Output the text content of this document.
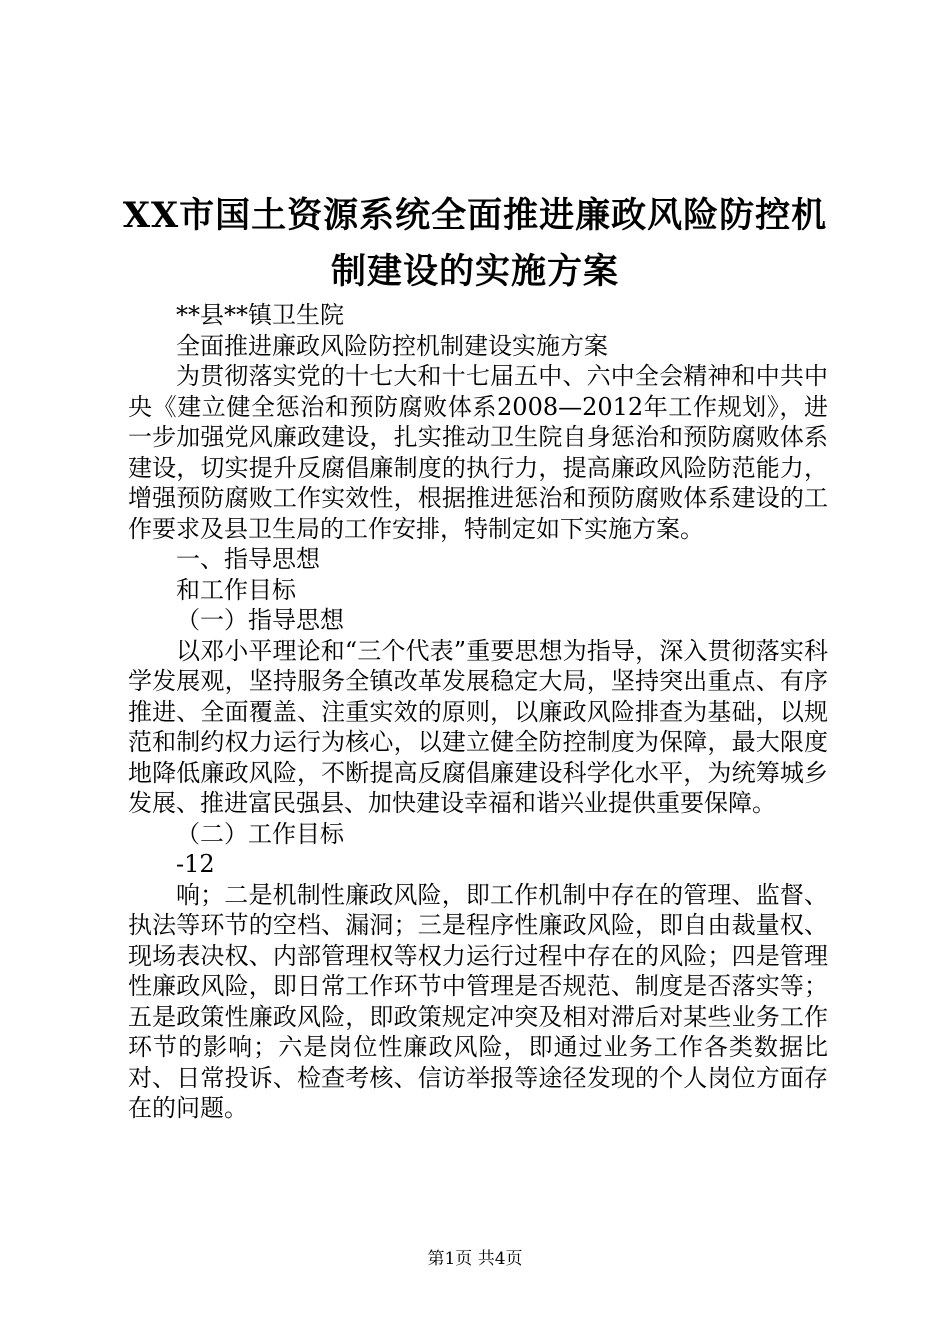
XX市国土资源系统全面推进廉政风险防控机
制建设的实施方案

**县**镇卫生院

全面推进廉政风险防控机制建设实施方案

为贯彻落实党的十七大和十七届五中、六中全会精神和中共中央《建立健全惩治和预防腐败体系2008—2012年工作规划》，进一步加强党风廉政建设，扎实推动卫生院自身惩治和预防腐败体系建设，切实提升反腐倡廉制度的执行力，提高廉政风险防范能力，增强预防腐败工作实效性，根据推进惩治和预防腐败体系建设的工作要求及县卫生局的工作安排，特制定如下实施方案。

一、指导思想

和工作目标

（一）指导思想

以邓小平理论和“三个代表”重要思想为指导，深入贯彻落实科学发展观，坚持服务全镇改革发展稳定大局，坚持突出重点、有序推进、全面覆盖、注重实效的原则，以廉政风险排查为基础，以规范和制约权力运行为核心，以建立健全防控制度为保障，最大限度地降低廉政风险，不断提高反腐倡廉建设科学化水平，为统筹城乡发展、推进富民强县、加快建设幸福和谐兴业提供重要保障。

（二）工作目标

-12

响；二是机制性廉政风险，即工作机制中存在的管理、监督、执法等环节的空档、漏洞；三是程序性廉政风险，即自由裁量权、现场表决权、内部管理权等权力运行过程中存在的风险；四是管理性廉政风险，即日常工作环节中管理是否规范、制度是否落实等；五是政策性廉政风险，即政策规定冲突及相对滞后对某些业务工作环节的影响；六是岗位性廉政风险，即通过业务工作各类数据比对、日常投诉、检查考核、信访举报等途径发现的个人岗位方面存在的问题。

第1页 共4页
